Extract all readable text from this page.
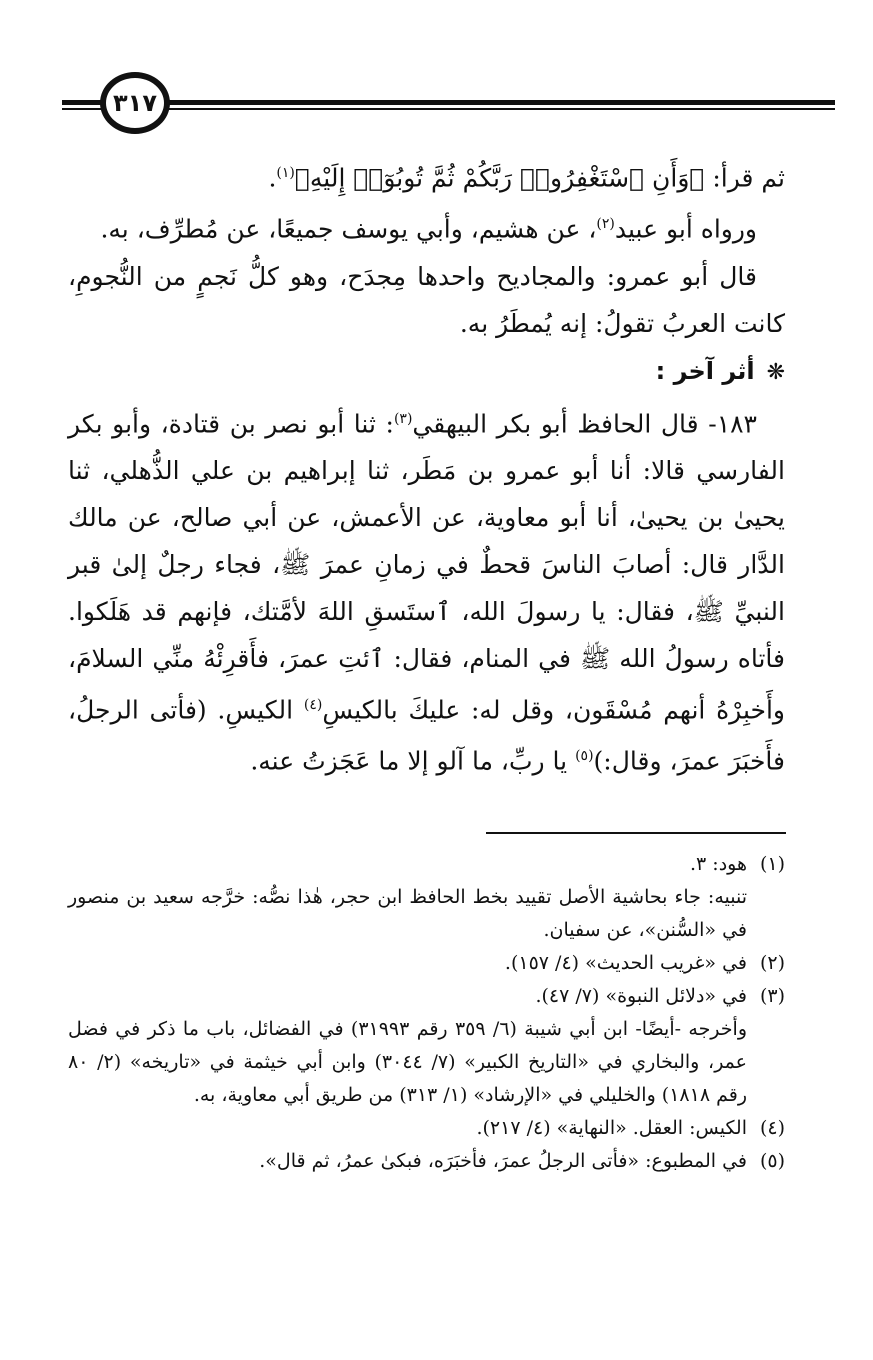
٣١٧

ثم قرأ: ﴿وَأَنِ ٱسْتَغْفِرُوا۟ رَبَّكُمْ ثُمَّ تُوبُوٓا۟ إِلَيْهِ﴾$^{(١)}$.

ورواه أبو عبيد$^{(٢)}$، عن هشيم، وأبي يوسف جميعًا، عن مُطرِّف، به.

قال أبو عمرو: والمجاديح واحدها مِجدَح، وهو كلُّ نَجمٍ من النُّجومِ، كانت العربُ تقولُ: إنه يُمطَرُ به.

❋أثر آخر :

١٨٣- قال الحافظ أبو بكر البيهقي$^{(٣)}$: ثنا أبو نصر بن قتادة، وأبو بكر الفارسي قالا: أنا أبو عمرو بن مَطَر، ثنا إبراهيم بن علي الذُّهلي، ثنا يحيىٰ بن يحيىٰ، أنا أبو معاوية، عن الأعمش، عن أبي صالح، عن مالك الدَّار قال: أصابَ الناسَ قحطٌ في زمانِ عمرَ ﷺ، فجاء رجلٌ إلىٰ قبر النبيِّ ﷺ، فقال: يا رسولَ الله، ٱستَسقِ اللهَ لأمَّتك، فإنهم قد هَلَكوا. فأتاه رسولُ الله ﷺ في المنام، فقال: ٱئتِ عمرَ، فأَقرِئْهُ منِّي السلامَ، وأَخبِرْهُ أنهم مُسْقَون، وقل له: عليكَ بالكيسِ$^{(٤)}$ الكيسِ. (فأتى الرجلُ، فأَخبَرَ عمرَ، وقال:)$^{(٥)}$ يا ربِّ، ما آلو إلا ما عَجَزتُ عنه.

(١)هود: ٣.

تنبيه: جاء بحاشية الأصل تقييد بخط الحافظ ابن حجر، هٰذا نصُّه: خرَّجه سعيد بن منصور في «السُّنن»، عن سفيان.

(٢)في «غريب الحديث» (٤/ ١٥٧).

(٣)في «دلائل النبوة» (٧/ ٤٧).

وأخرجه -أيضًا- ابن أبي شيبة (٦/ ٣٥٩ رقم ٣١٩٩٣) في الفضائل، باب ما ذكر في فضل عمر، والبخاري في «التاريخ الكبير» (٧/ ٣٠٤٤) وابن أبي خيثمة في «تاريخه» (٢/ ٨٠ رقم ١٨١٨) والخليلي في «الإرشاد» (١/ ٣١٣) من طريق أبي معاوية، به.

(٤)الكيس: العقل. «النهاية» (٤/ ٢١٧).

(٥)في المطبوع: «فأتى الرجلُ عمرَ، فأخبَرَه، فبكىٰ عمرُ، ثم قال».
